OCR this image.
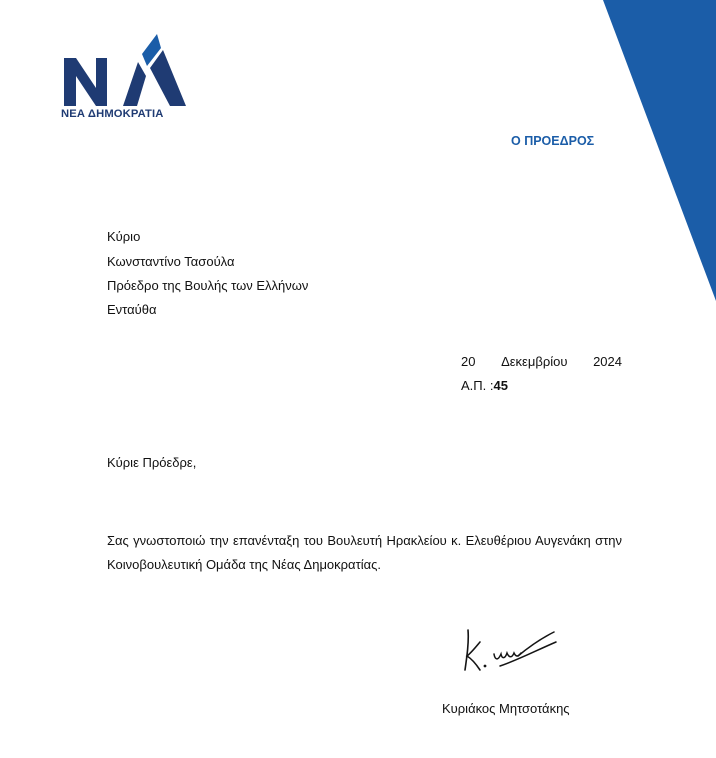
ΝΕΑ ΔΗΜΟΚΡΑΤΙΑ
Ο ΠΡΟΕΔΡΟΣ
Κύριο
Κωνσταντίνο Τασούλα
Πρόεδρο της Βουλής των Ελλήνων
Ενταύθα
20 Δεκεμβρίου 2024
Α.Π. :45
Κύριε Πρόεδρε,
Σας γνωστοποιώ την επανένταξη του Βουλευτή Ηρακλείου κ. Ελευθέριου Αυγενάκη στην Κοινοβουλευτική Ομάδα της Νέας Δημοκρατίας.
Κυριάκος Μητσοτάκης
